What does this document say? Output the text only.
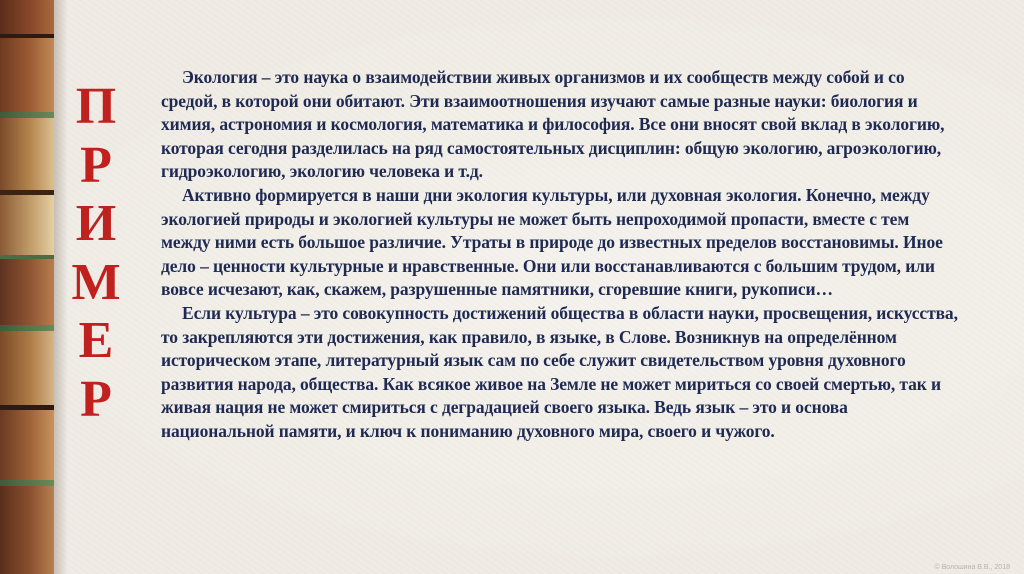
П
Р
И
М
Е
Р

Экология – это наука о взаимодействии живых организмов и их сообществ между собой и со средой, в которой они обитают. Эти взаимоотношения изучают самые разные науки: биология и химия, астрономия и космология, математика и философия. Все они вносят свой вклад в экологию, которая сегодня разделилась на ряд самостоятельных дисциплин: общую экологию, агроэкологию, гидроэкологию, экологию человека и т.д.

Активно формируется в наши дни экология культуры, или духовная экология. Конечно, между экологией природы и экологией культуры не может быть непроходимой пропасти, вместе с тем между ними есть большое различие. Утраты в природе до известных пределов восстановимы. Иное дело – ценности культурные и нравственные. Они или восстанавливаются с большим трудом, или вовсе исчезают, как, скажем, разрушенные памятники, сгоревшие книги, рукописи…

Если культура – это совокупность достижений общества в области науки, просвещения, искусства, то закрепляются эти достижения, как правило, в языке, в Слове. Возникнув на определённом историческом этапе, литературный язык сам по себе служит свидетельством уровня духовного развития народа, общества. Как всякое живое на Земле не может мириться со своей смертью, так и живая нация не может смириться с деградацией своего языка. Ведь язык – это и основа национальной памяти, и ключ к пониманию духовного мира, своего и чужого.

© Волошина В.В., 2018
